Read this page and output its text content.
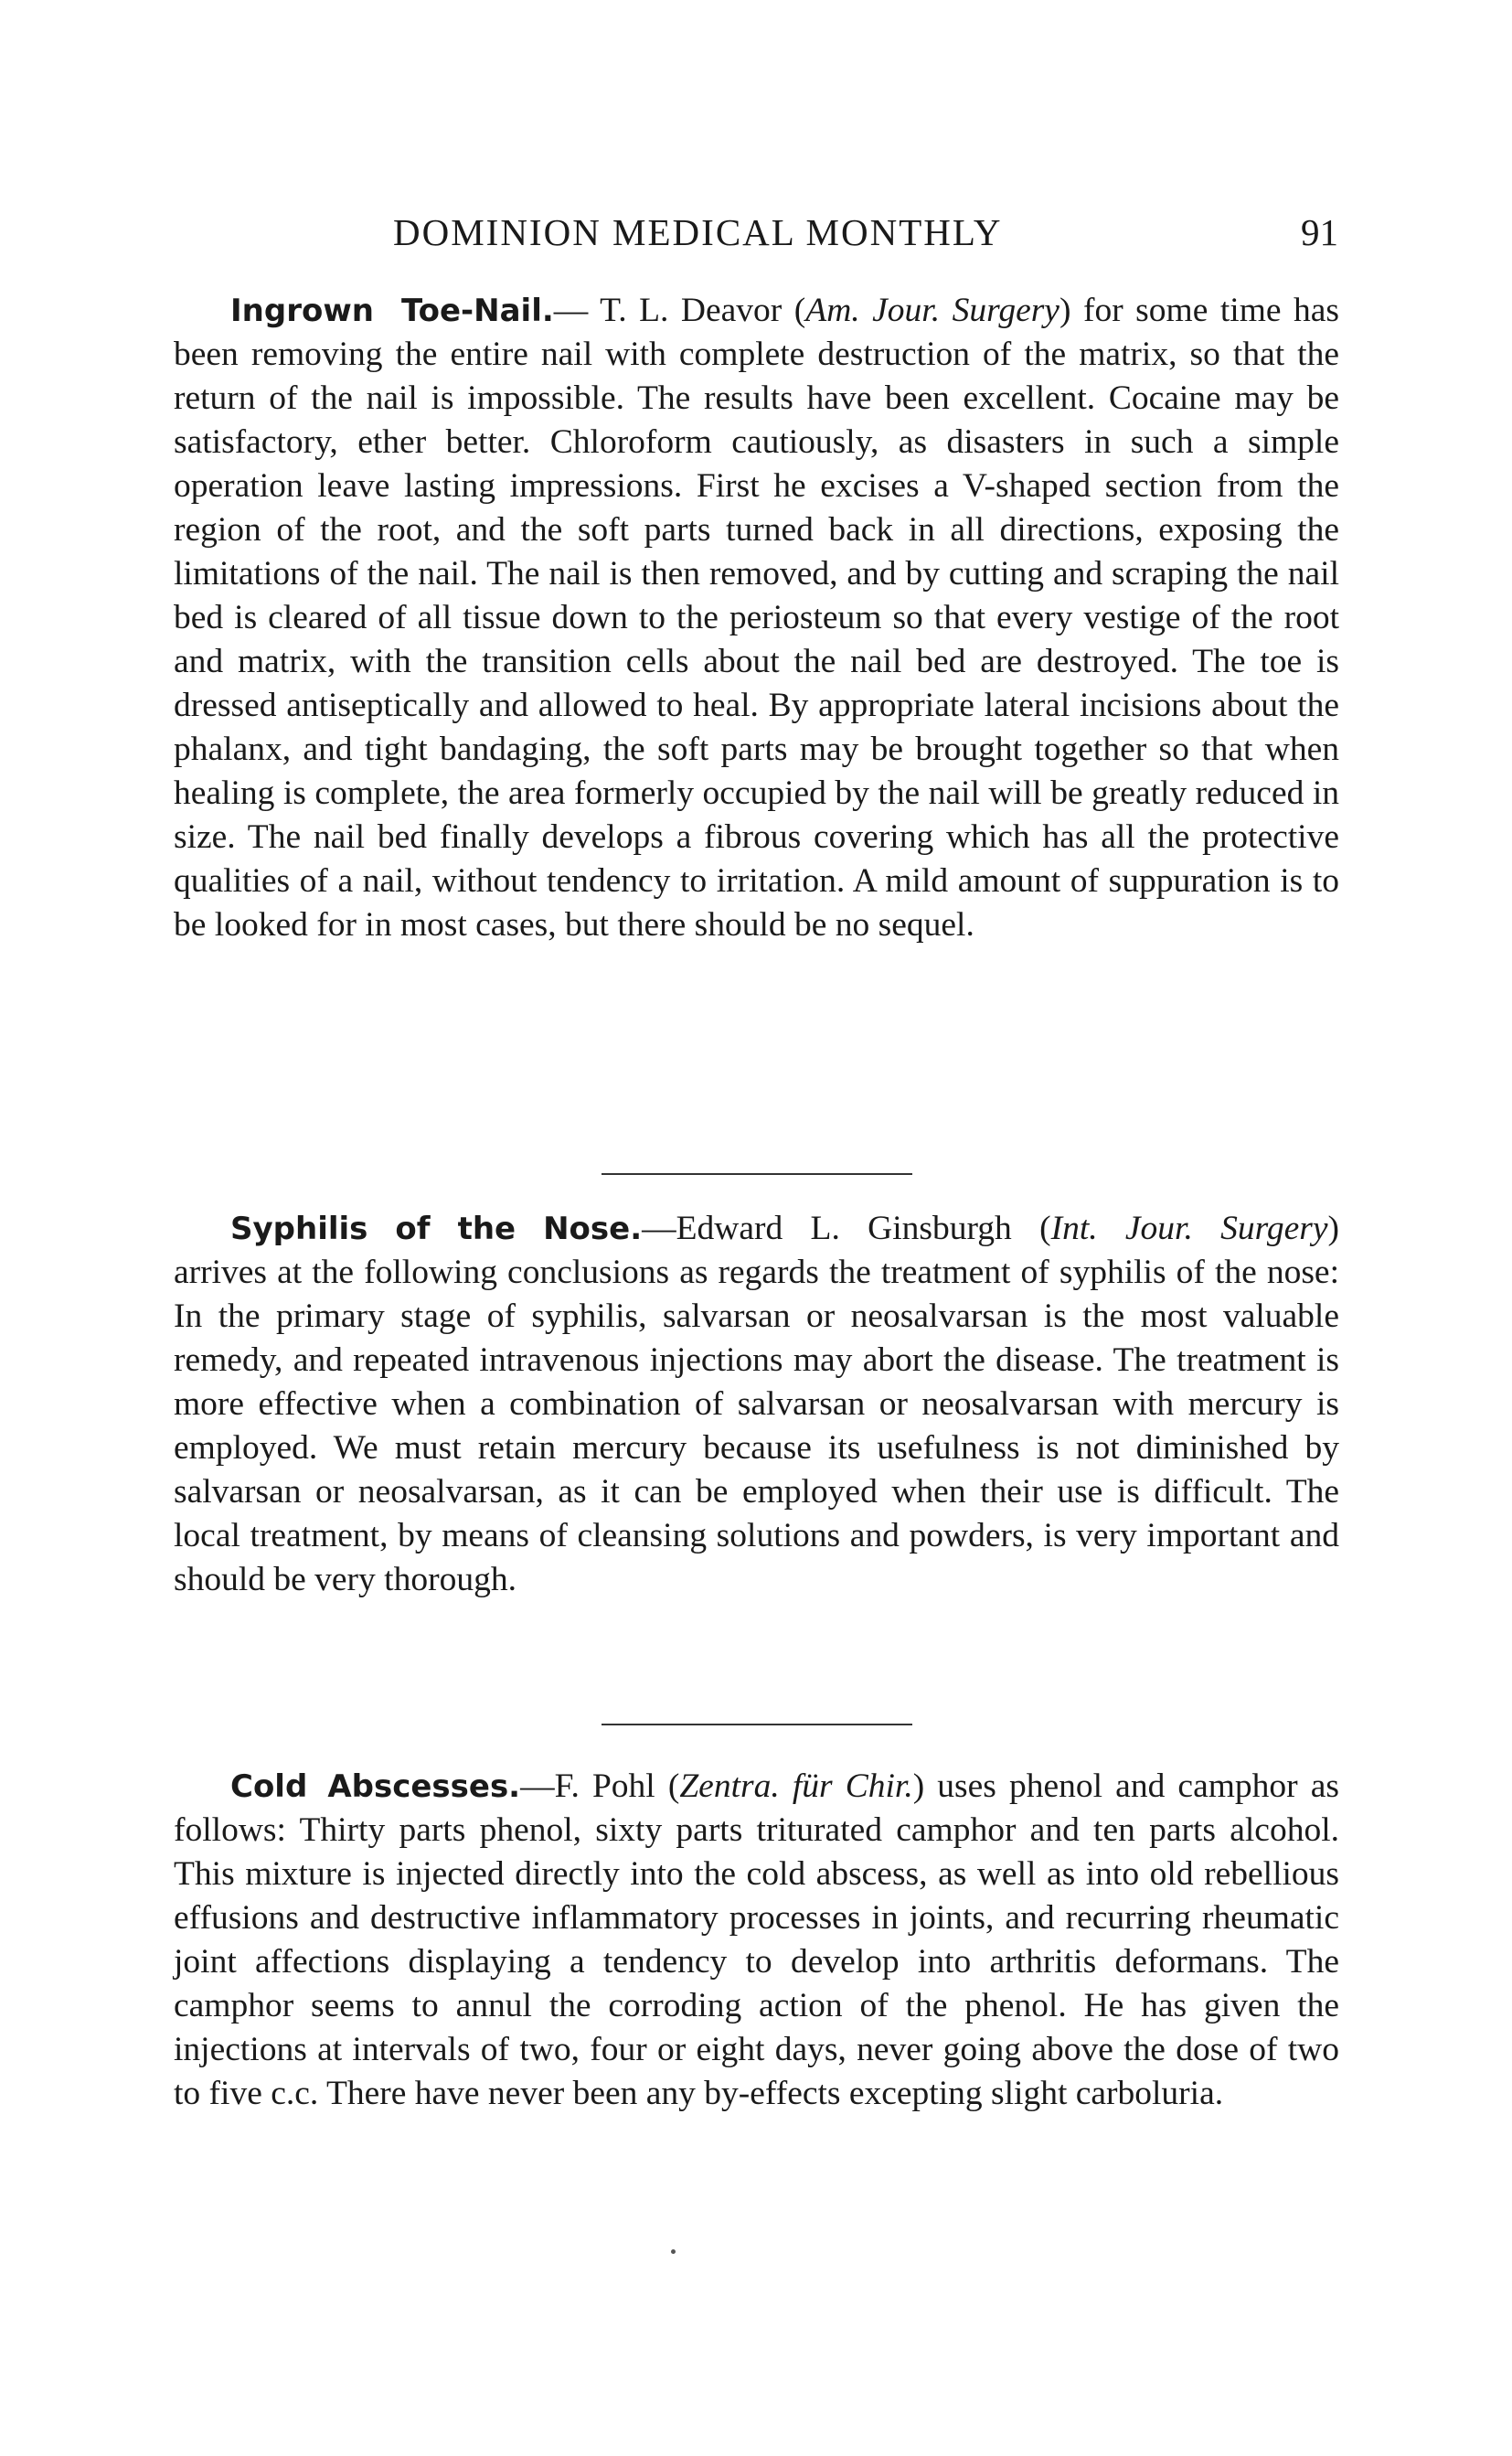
DOMINION MEDICAL MONTHLY	91
Ingrown Toe-Nail.— T. L. Deavor (Am. Jour. Surgery) for some time has been removing the entire nail with complete destruction of the matrix, so that the return of the nail is impossible. The results have been excellent. Cocaine may be satisfactory, ether better. Chloroform cautiously, as disasters in such a simple operation leave lasting impressions. First he excises a V-shaped section from the region of the root, and the soft parts turned back in all directions, exposing the limitations of the nail. The nail is then removed, and by cutting and scraping the nail bed is cleared of all tissue down to the periosteum so that every vestige of the root and matrix, with the transition cells about the nail bed are destroyed. The toe is dressed antiseptically and allowed to heal. By appropriate lateral incisions about the phalanx, and tight bandaging, the soft parts may be brought together so that when healing is complete, the area formerly occupied by the nail will be greatly reduced in size. The nail bed finally develops a fibrous covering which has all the protective qualities of a nail, without tendency to irritation. A mild amount of suppuration is to be looked for in most cases, but there should be no sequel.
Syphilis of the Nose.—Edward L. Ginsburgh (Int. Jour. Surgery) arrives at the following conclusions as regards the treatment of syphilis of the nose: In the primary stage of syphilis, salvarsan or neosalvarsan is the most valuable remedy, and repeated intravenous injections may abort the disease. The treatment is more effective when a combination of salvarsan or neosalvarsan with mercury is employed. We must retain mercury because its usefulness is not diminished by salvarsan or neosalvarsan, as it can be employed when their use is difficult. The local treatment, by means of cleansing solutions and powders, is very important and should be very thorough.
Cold Abscesses.—F. Pohl (Zentra. für Chir.) uses phenol and camphor as follows: Thirty parts phenol, sixty parts triturated camphor and ten parts alcohol. This mixture is injected directly into the cold abscess, as well as into old rebellious effusions and destructive inflammatory processes in joints, and recurring rheumatic joint affections displaying a tendency to develop into arthritis deformans. The camphor seems to annul the corroding action of the phenol. He has given the injections at intervals of two, four or eight days, never going above the dose of two to five c.c. There have never been any by-effects excepting slight carboluria.
